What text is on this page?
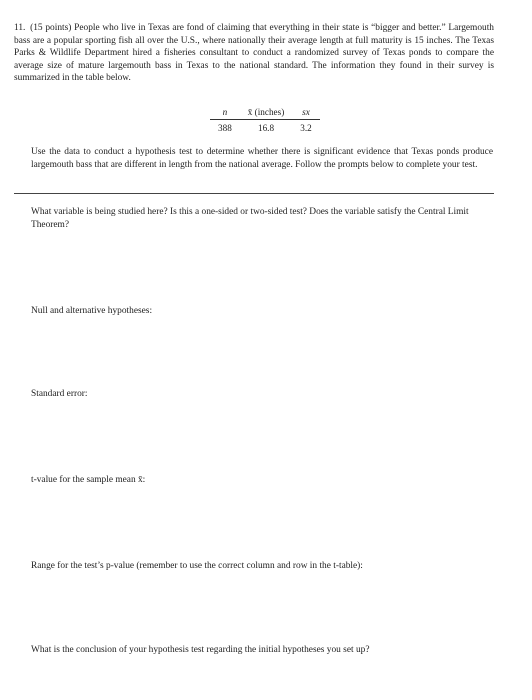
11. (15 points) People who live in Texas are fond of claiming that everything in their state is “bigger and better.” Largemouth bass are a popular sporting fish all over the U.S., where nationally their average length at full maturity is 15 inches. The Texas Parks & Wildlife Department hired a fisheries consultant to conduct a randomized survey of Texas ponds to compare the average size of mature largemouth bass in Texas to the national standard. The information they found in their survey is summarized in the table below.
n	x̄ (inches)	sx
388	16.8	3.2
Use the data to conduct a hypothesis test to determine whether there is significant evidence that Texas ponds produce largemouth bass that are different in length from the national average. Follow the prompts below to complete your test.
What variable is being studied here? Is this a one-sided or two-sided test? Does the variable satisfy the Central Limit Theorem?
Null and alternative hypotheses:
Standard error:
t-value for the sample mean x̄:
Range for the test’s p-value (remember to use the correct column and row in the t-table):
What is the conclusion of your hypothesis test regarding the initial hypotheses you set up?
